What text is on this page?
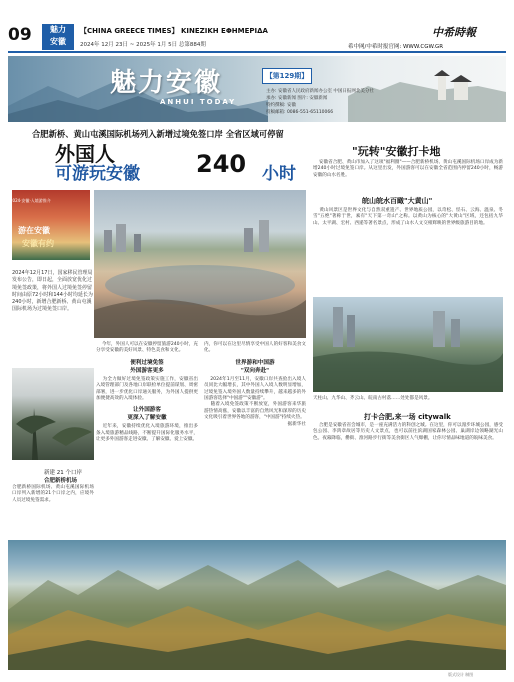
09	魅力
安徽
【CHINA GREECE TIMES】 KINEZIKH EΦHMEPIΔA
2024年 12月 23日 ~ 2025年 1月 5日 总第884期
中希時報
希中网/中希时报官网: WWW.CGW.GR
魅力安徽
ANHUI TODAY
【第129期】
主办: 安徽省人民政府新闻办公室 中国日报网北美分社
承办: 安徽新闻 图片: 安徽新闻
特约撰稿: 安徽
投稿邮箱: 0086-551-65110066
合肥新桥、黄山屯溪国际机场列入新增过境免签口岸 全省区域可停留
外国人
可游玩安徽 240 小时
2024·安徽·入境游推介
游在安徽
安徽有约
2024年12月17日，国家移民管理局发布公告，即日起，全面放宽优化过境免签政策，将外国人过境免签停留时间由原72小时和144小时均延长为240小时，新增合肥新桥、黄山屯溪国际机场为过境免签口岸。
新建 21 个口岸
合肥新桥机场
合肥新桥国际机场、黄山屯溪国际机场口岸列入新增的21个口岸之内，应境外人员过境免签需求。
今年，外国人可以在安徽停留旅游240小时，充分享受安徽的美好风景、特色美食和文化。
便利过境免签
外国游客更多
为全力做好过境免签政策实施工作，安徽省出入境管理部门及各地口岸联检单位提前谋划、周密部署，进一步优化口岸通关服务，为外国人提供更加便捷高效的入境体验。
让外国游客
更深入了解安徽
近年来，安徽持续优化入境旅游环境，推出多条入境旅游精品线路，不断提升国际化服务水平，让更多外国游客走进安徽、了解安徽、爱上安徽。
内，你可以在这里尽情享受中国人的好客和美食文化。
世界游和中国游
"双向奔赴"
2024年1月至11月，安徽口岸共查验出入境人员同比大幅增长，其中外国人入境人数明显增加，过境免签入境外国人数量持续攀升，越来越多的外国游客选择"中国游""安徽游"。
随着入境免签政策不断放宽，外国游客来华旅游热情高涨，安徽以丰富的自然风光和深厚的历史文化吸引着世界各地的游客，"中国游"持续火热。
据新华社
"玩转"安徽打卡地
安徽省合肥、黄山市加入了这项"福利圈"——合肥新桥机场、黄山屯溪国际机场口岸成为新增240小时过境免签口岸。从这里出发，外国游客可以在安徽全省范围内停留240小时，畅游安徽的山水名胜。
皖山皖水百瞰"大黄山"
黄山风景区是世界文化与自然双重遗产、世界地质公园，以奇松、怪石、云海、温泉、冬雪"五绝"著称于世，素有"天下第一奇山"之称。以黄山为核心的"大黄山"区域，还包括九华山、太平湖、宏村、西递等著名景点，形成了山水人文交相辉映的世界级旅游目的地。
天柱山、九华山、齐云山、皖南古村落……处处都是风景。
打卡合肥,来一场 citywalk
合肥是安徽省省会城市，是一座充满活力的科创之城。在这里，你可以漫步环城公园，感受包公园、李鸿章故居等历史人文景点，也可以前往滨湖国家森林公园、巢湖岸边领略湖光山色。夜幕降临，罍街、淮河路步行街等美食街区人气爆棚，让你尽情品味地道的皖味美食。
版式设计 制图
